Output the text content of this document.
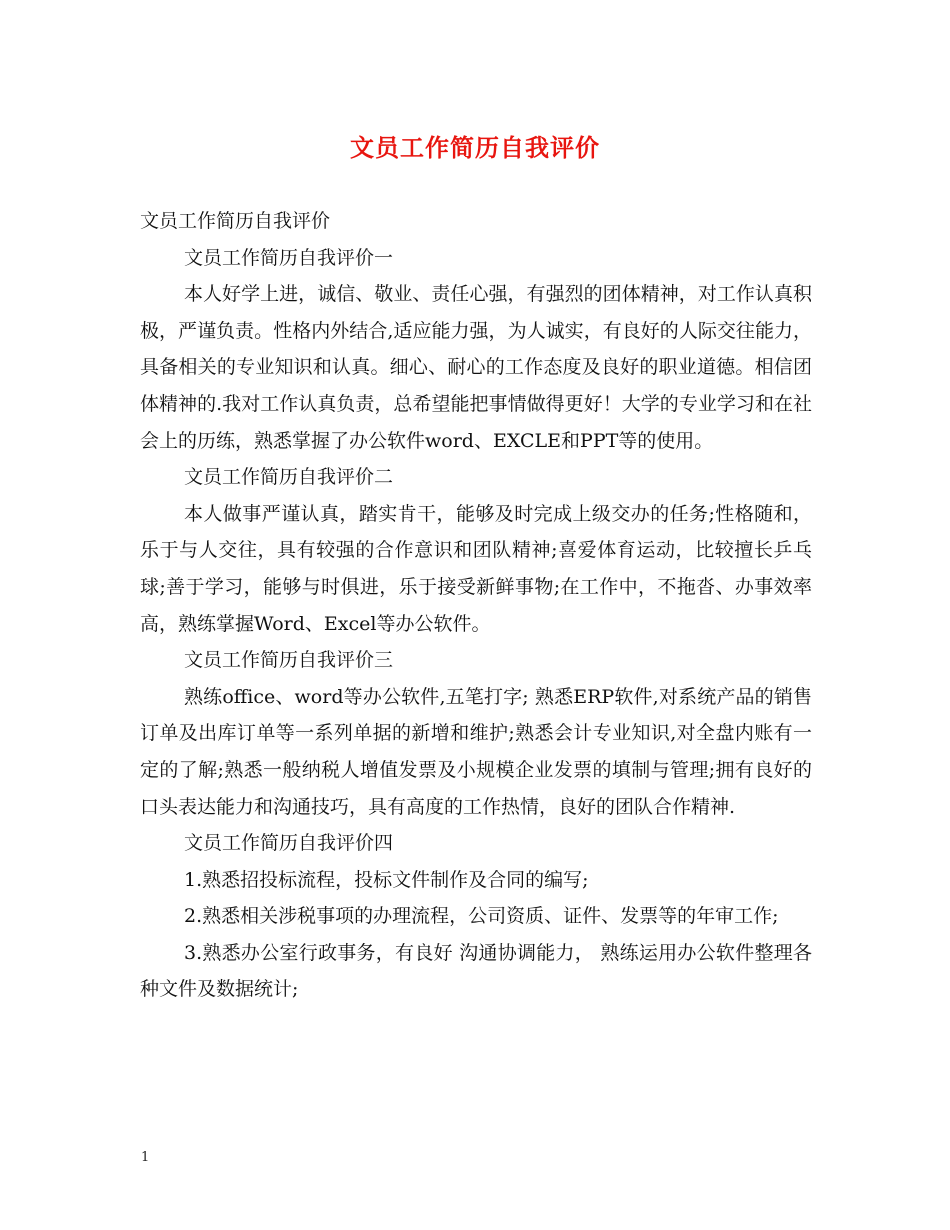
文员工作简历自我评价

文员工作简历自我评价

文员工作简历自我评价一

本人好学上进，诚信、敬业、责任心强，有强烈的团体精神，对工作认真积极，严谨负责。性格内外结合,适应能力强，为人诚实，有良好的人际交往能力，具备相关的专业知识和认真。细心、耐心的工作态度及良好的职业道德。相信团体精神的.我对工作认真负责，总希望能把事情做得更好！大学的专业学习和在社会上的历练，熟悉掌握了办公软件word、EXCLE和PPT等的使用。

文员工作简历自我评价二

本人做事严谨认真，踏实肯干，能够及时完成上级交办的任务;性格随和，乐于与人交往，具有较强的合作意识和团队精神;喜爱体育运动，比较擅长乒乓球;善于学习，能够与时俱进，乐于接受新鲜事物;在工作中，不拖沓、办事效率高，熟练掌握Word、Excel等办公软件。

文员工作简历自我评价三

熟练office、word等办公软件,五笔打字; 熟悉ERP软件,对系统产品的销售订单及出库订单等一系列单据的新增和维护;熟悉会计专业知识,对全盘内账有一定的了解;熟悉一般纳税人增值发票及小规模企业发票的填制与管理;拥有良好的口头表达能力和沟通技巧，具有高度的工作热情，良好的团队合作精神.

文员工作简历自我评价四

1.熟悉招投标流程，投标文件制作及合同的编写;

2.熟悉相关涉税事项的办理流程，公司资质、证件、发票等的年审工作;

3.熟悉办公室行政事务，有良好 沟通协调能力， 熟练运用办公软件整理各种文件及数据统计;

1
